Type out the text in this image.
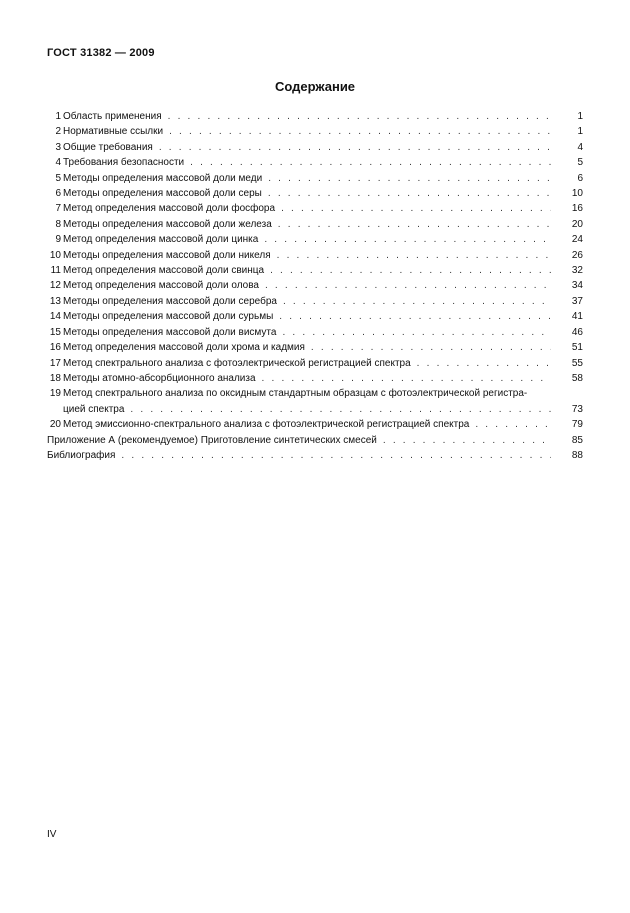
ГОСТ 31382 — 2009
Содержание
1 Область применения . . .	1
2 Нормативные ссылки . . .	1
3 Общие требования . . .	4
4 Требования безопасности . . .	5
5 Методы определения массовой доли меди . . .	6
6 Методы определения массовой доли серы . . .	10
7 Метод определения массовой доли фосфора . . .	16
8 Методы определения массовой доли железа . . .	20
9 Метод определения массовой доли цинка . . .	24
10 Методы определения массовой доли никеля . . .	26
11 Метод определения массовой доли свинца . . .	32
12 Метод определения массовой доли олова . . .	34
13 Методы определения массовой доли серебра . . .	37
14 Методы определения массовой доли сурьмы . . .	41
15 Методы определения массовой доли висмута . . .	46
16 Метод определения массовой доли хрома и кадмия . . .	51
17 Метод спектрального анализа с фотоэлектрической регистрацией спектра . . .	55
18 Методы атомно-абсорбционного анализа . . .	58
19 Метод спектрального анализа по оксидным стандартным образцам с фотоэлектрической регистра-
цией спектра . . .	73
20 Метод эмиссионно-спектрального анализа с фотоэлектрической регистрацией спектра . . .	79
Приложение А (рекомендуемое) Приготовление синтетических смесей . . .	85
Библиография . . .	88
IV
